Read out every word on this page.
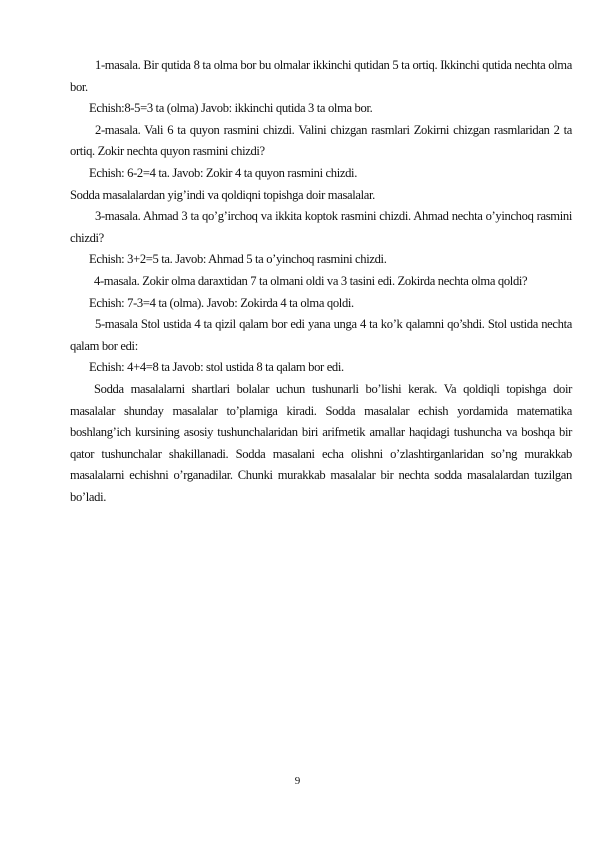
1-masala. Bir qutida 8 ta olma bor bu olmalar ikkinchi qutidan 5 ta ortiq. Ikkinchi qutida nechta olma bor.

Echish:8-5=3 ta (olma) Javob: ikkinchi qutida 3 ta olma bor.

2-masala. Vali 6 ta quyon rasmini chizdi. Valini chizgan rasmlari Zokirni chizgan rasmlaridan 2 ta ortiq. Zokir nechta quyon rasmini chizdi?

Echish: 6-2=4 ta. Javob: Zokir 4 ta quyon rasmini chizdi.

Sodda masalalardan yig’indi va qoldiqni topishga doir masalalar.

3-masala. Ahmad 3 ta qo’g’irchoq va ikkita koptok rasmini chizdi. Ahmad nechta o’yinchoq rasmini chizdi?

Echish: 3+2=5 ta. Javob: Ahmad 5 ta o’yinchoq rasmini chizdi.

4-masala. Zokir olma daraxtidan 7 ta olmani oldi va 3 tasini edi. Zokirda nechta olma qoldi?

Echish: 7-3=4 ta (olma). Javob: Zokirda 4 ta olma qoldi.

5-masala Stol ustida 4 ta qizil qalam bor edi yana unga 4 ta ko’k qalamni qo’shdi. Stol ustida nechta qalam bor edi:

Echish: 4+4=8 ta Javob: stol ustida 8 ta qalam bor edi.

Sodda masalalarni shartlari bolalar uchun tushunarli bo’lishi kerak. Va qoldiqli topishga doir masalalar shunday masalalar to’plamiga kiradi. Sodda masalalar echish yordamida matematika boshlang’ich kursining asosiy tushunchalaridan biri arifmetik amallar haqidagi tushuncha va boshqa bir qator tushunchalar shakillanadi. Sodda masalani echa olishni o’zlashtirganlaridan so’ng murakkab masalalarni echishni o’rganadilar. Chunki murakkab masalalar bir nechta sodda masalalardan tuzilgan bo’ladi.

9
